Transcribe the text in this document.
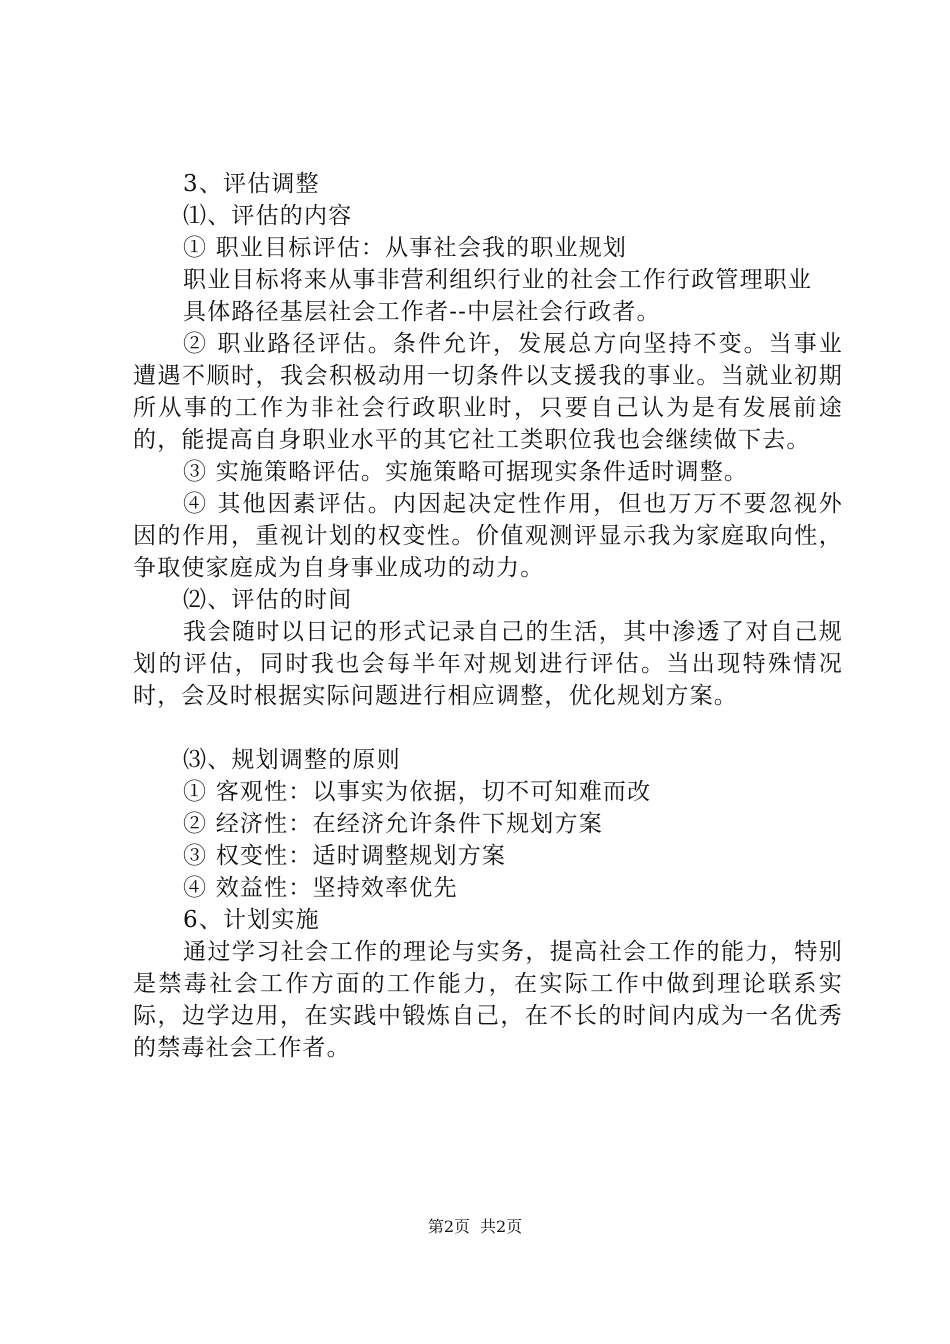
3、评估调整

⑴、评估的内容

① 职业目标评估：从事社会我的职业规划

职业目标将来从事非营利组织行业的社会工作行政管理职业

具体路径基层社会工作者--中层社会行政者。

② 职业路径评估。条件允许，发展总方向坚持不变。当事业遭遇不顺时，我会积极动用一切条件以支援我的事业。当就业初期所从事的工作为非社会行政职业时，只要自己认为是有发展前途的，能提高自身职业水平的其它社工类职位我也会继续做下去。

③ 实施策略评估。实施策略可据现实条件适时调整。

④ 其他因素评估。内因起决定性作用，但也万万不要忽视外因的作用，重视计划的权变性。价值观测评显示我为家庭取向性，争取使家庭成为自身事业成功的动力。

⑵、评估的时间

我会随时以日记的形式记录自己的生活，其中渗透了对自己规划的评估，同时我也会每半年对规划进行评估。当出现特殊情况时，会及时根据实际问题进行相应调整，优化规划方案。

⑶、规划调整的原则

① 客观性：以事实为依据，切不可知难而改

② 经济性：在经济允许条件下规划方案

③ 权变性：适时调整规划方案

④ 效益性：坚持效率优先

6、计划实施

通过学习社会工作的理论与实务，提高社会工作的能力，特别是禁毒社会工作方面的工作能力，在实际工作中做到理论联系实际，边学边用，在实践中锻炼自己，在不长的时间内成为一名优秀的禁毒社会工作者。

第2页 共2页
